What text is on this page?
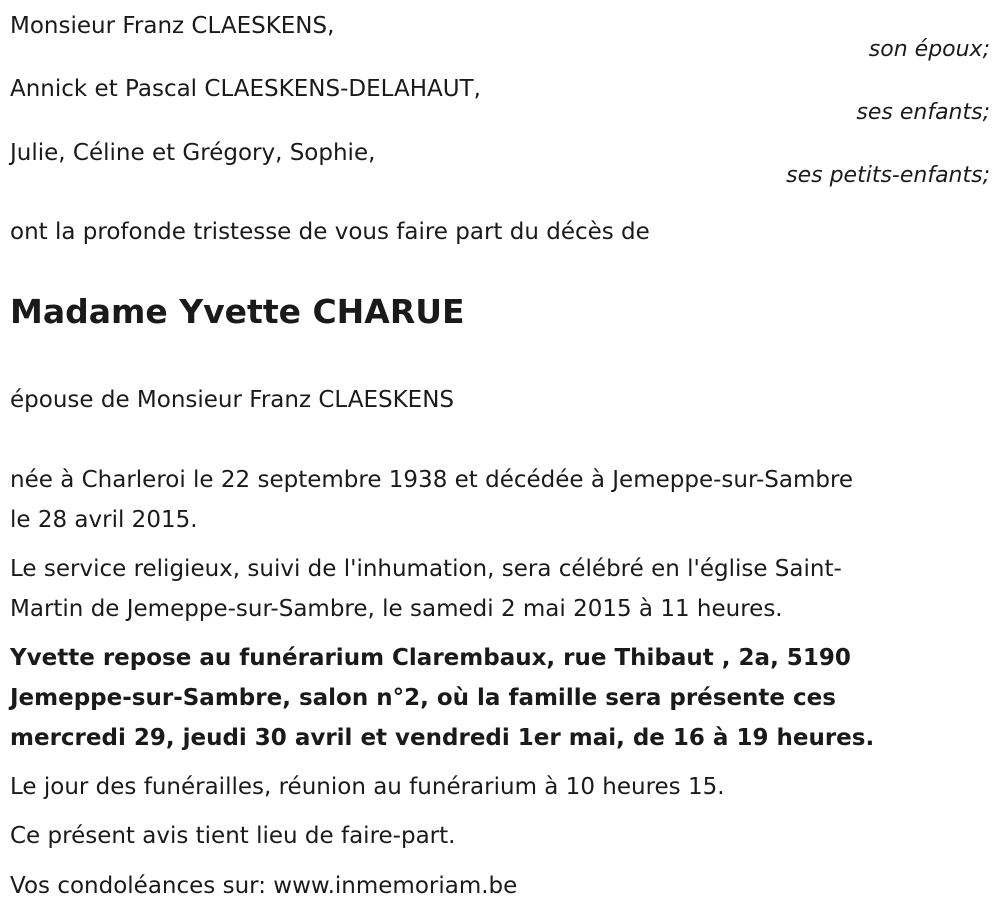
Monsieur Franz CLAESKENS,

son époux;

Annick et Pascal CLAESKENS-DELAHAUT,

ses enfants;

Julie, Céline et Grégory, Sophie,

ses petits-enfants;

ont la profonde tristesse de vous faire part du décès de

Madame Yvette CHARUE

épouse de Monsieur Franz CLAESKENS

née à Charleroi le 22 septembre 1938 et décédée à Jemeppe-sur-Sambre

le 28 avril 2015.

Le service religieux, suivi de l'inhumation, sera célébré en l'église Saint-

Martin de Jemeppe-sur-Sambre, le samedi 2 mai 2015 à 11 heures.

Yvette repose au funérarium Clarembaux, rue Thibaut , 2a, 5190

Jemeppe-sur-Sambre, salon n°2, où la famille sera présente ces

mercredi 29, jeudi 30 avril et vendredi 1er mai, de 16 à 19 heures.

Le jour des funérailles, réunion au funérarium à 10 heures 15.

Ce présent avis tient lieu de faire-part.

Vos condoléances sur: www.inmemoriam.be
